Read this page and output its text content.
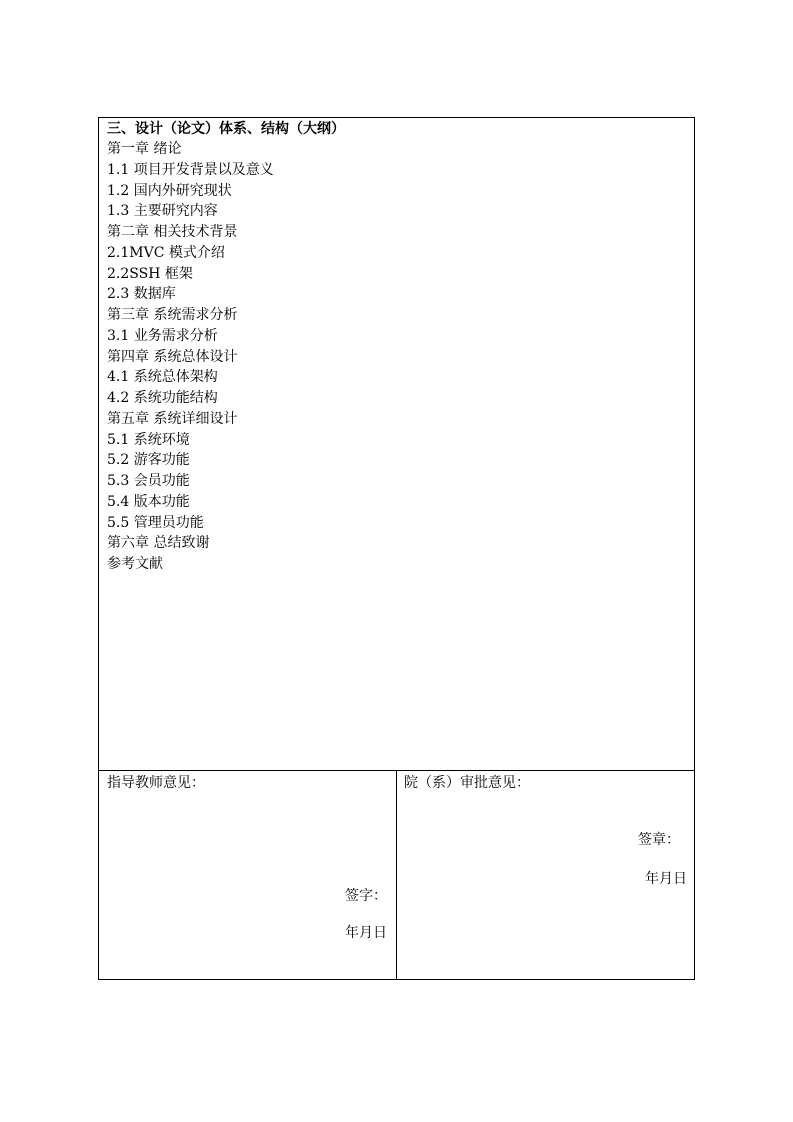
三、设计（论文）体系、结构（大纲）
第一章 绪论
1.1 项目开发背景以及意义
1.2 国内外研究现状
1.3 主要研究内容
第二章 相关技术背景
2.1MVC 模式介绍
2.2SSH 框架
2.3 数据库
第三章 系统需求分析
3.1 业务需求分析
第四章 系统总体设计
4.1 系统总体架构
4.2 系统功能结构
第五章 系统详细设计
5.1 系统环境
5.2 游客功能
5.3 会员功能
5.4 版本功能
5.5 管理员功能
第六章 总结致谢
参考文献
指导教师意见：
签字：
年月日
院（系）审批意见：
签章：
年月日
